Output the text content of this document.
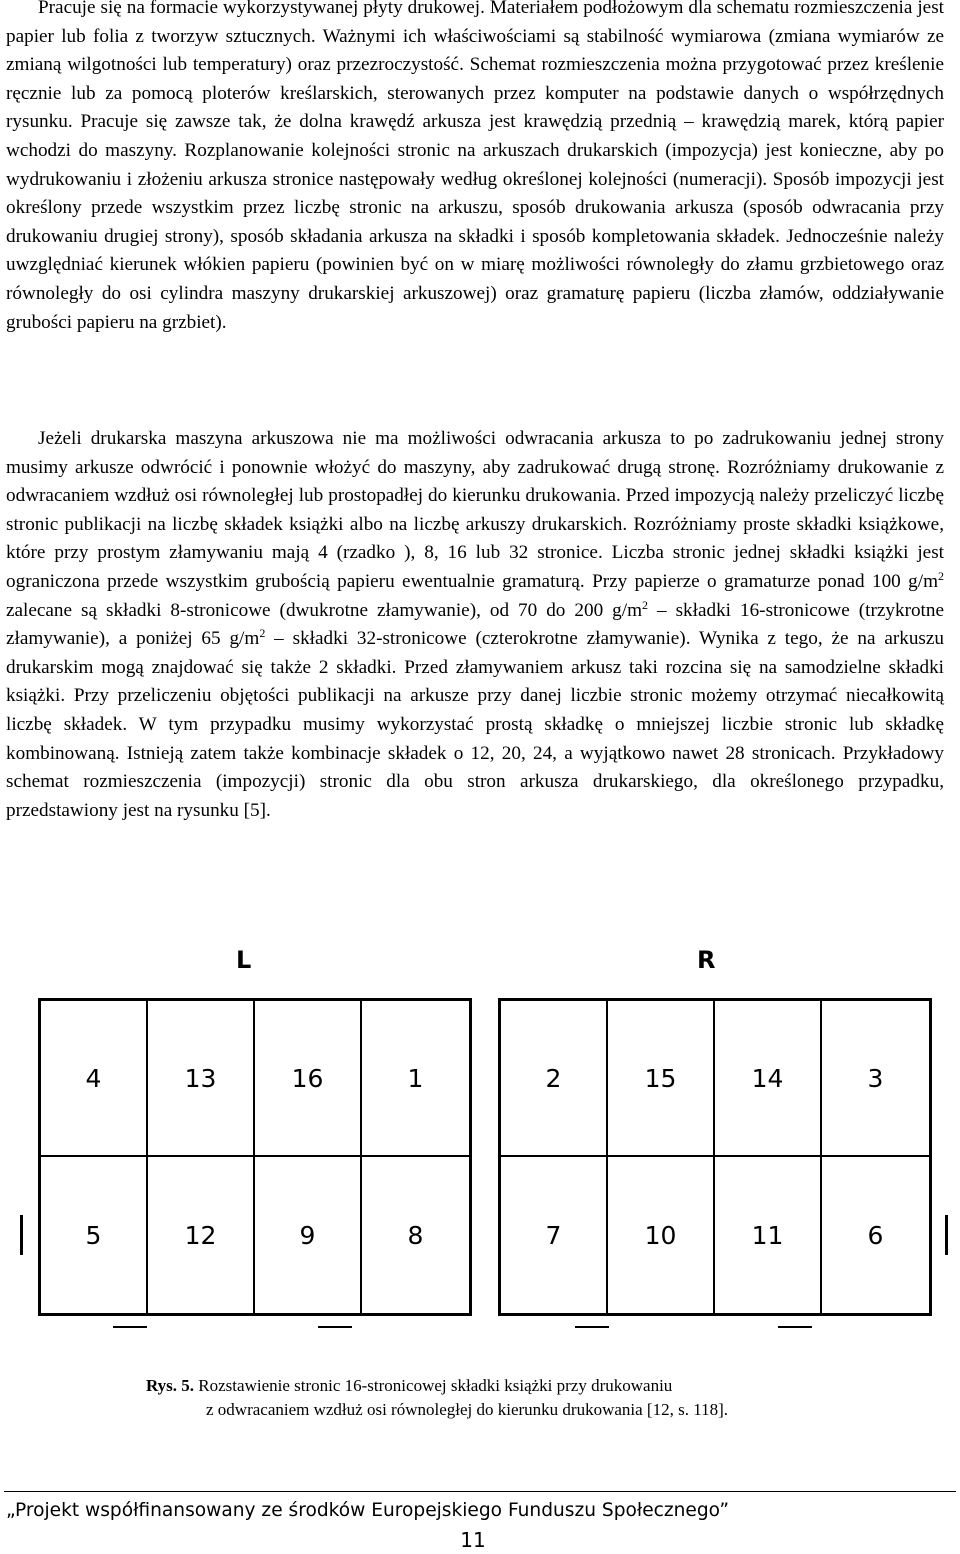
Pracuje się na formacie wykorzystywanej płyty drukowej. Materiałem podłożowym dla schematu rozmieszczenia jest papier lub folia z tworzyw sztucznych. Ważnymi ich właściwościami są stabilność wymiarowa (zmiana wymiarów ze zmianą wilgotności lub temperatury) oraz przezroczystość. Schemat rozmieszczenia można przygotować przez kreślenie ręcznie lub za pomocą ploterów kreślarskich, sterowanych przez komputer na podstawie danych o współrzędnych rysunku. Pracuje się zawsze tak, że dolna krawędź arkusza jest krawędzią przednią – krawędzią marek, którą papier wchodzi do maszyny. Rozplanowanie kolejności stronic na arkuszach drukarskich (impozycja) jest konieczne, aby po wydrukowaniu i złożeniu arkusza stronice następowały według określonej kolejności (numeracji). Sposób impozycji jest określony przede wszystkim przez liczbę stronic na arkuszu, sposób drukowania arkusza (sposób odwracania przy drukowaniu drugiej strony), sposób składania arkusza na składki i sposób kompletowania składek. Jednocześnie należy uwzględniać kierunek włókien papieru (powinien być on w miarę możliwości równoległy do złamu grzbietowego oraz równoległy do osi cylindra maszyny drukarskiej arkuszowej) oraz gramaturę papieru (liczba złamów, oddziaływanie grubości papieru na grzbiet).

Jeżeli drukarska maszyna arkuszowa nie ma możliwości odwracania arkusza to po zadrukowaniu jednej strony musimy arkusze odwrócić i ponownie włożyć do maszyny, aby zadrukować drugą stronę. Rozróżniamy drukowanie z odwracaniem wzdłuż osi równoległej lub prostopadłej do kierunku drukowania. Przed impozycją należy przeliczyć liczbę stronic publikacji na liczbę składek książki albo na liczbę arkuszy drukarskich. Rozróżniamy proste składki książkowe, które przy prostym złamywaniu mają 4 (rzadko ), 8, 16 lub 32 stronice. Liczba stronic jednej składki książki jest ograniczona przede wszystkim grubością papieru ewentualnie gramaturą. Przy papierze o gramaturze ponad 100 $g/m^2$ zalecane są składki 8-stronicowe (dwukrotne złamywanie), od 70 do 200 $g/m^2$ – składki 16-stronicowe (trzykrotne złamywanie), a poniżej 65 $g/m^2$ – składki 32-stronicowe (czterokrotne złamywanie). Wynika z tego, że na arkuszu drukarskim mogą znajdować się także 2 składki. Przed złamywaniem arkusz taki rozcina się na samodzielne składki książki. Przy przeliczeniu objętości publikacji na arkusze przy danej liczbie stronic możemy otrzymać niecałkowitą liczbę składek. W tym przypadku musimy wykorzystać prostą składkę o mniejszej liczbie stronic lub składkę kombinowaną. Istnieją zatem także kombinacje składek o 12, 20, 24, a wyjątkowo nawet 28 stronicach. Przykładowy schemat rozmieszczenia (impozycji) stronic dla obu stron arkusza drukarskiego, dla określonego przypadku, przedstawiony jest na rysunku [5].

L	R
4	13	16	1
5	12	9	8
2	15	14	3
7	10	11	6
Rys. 5. Rozstawienie stronic 16-stronicowej składki książki przy drukowaniu
z odwracaniem wzdłuż osi równoległej do kierunku drukowania [12, s. 118].
„Projekt współfinansowany ze środków Europejskiego Funduszu Społecznego”
11
